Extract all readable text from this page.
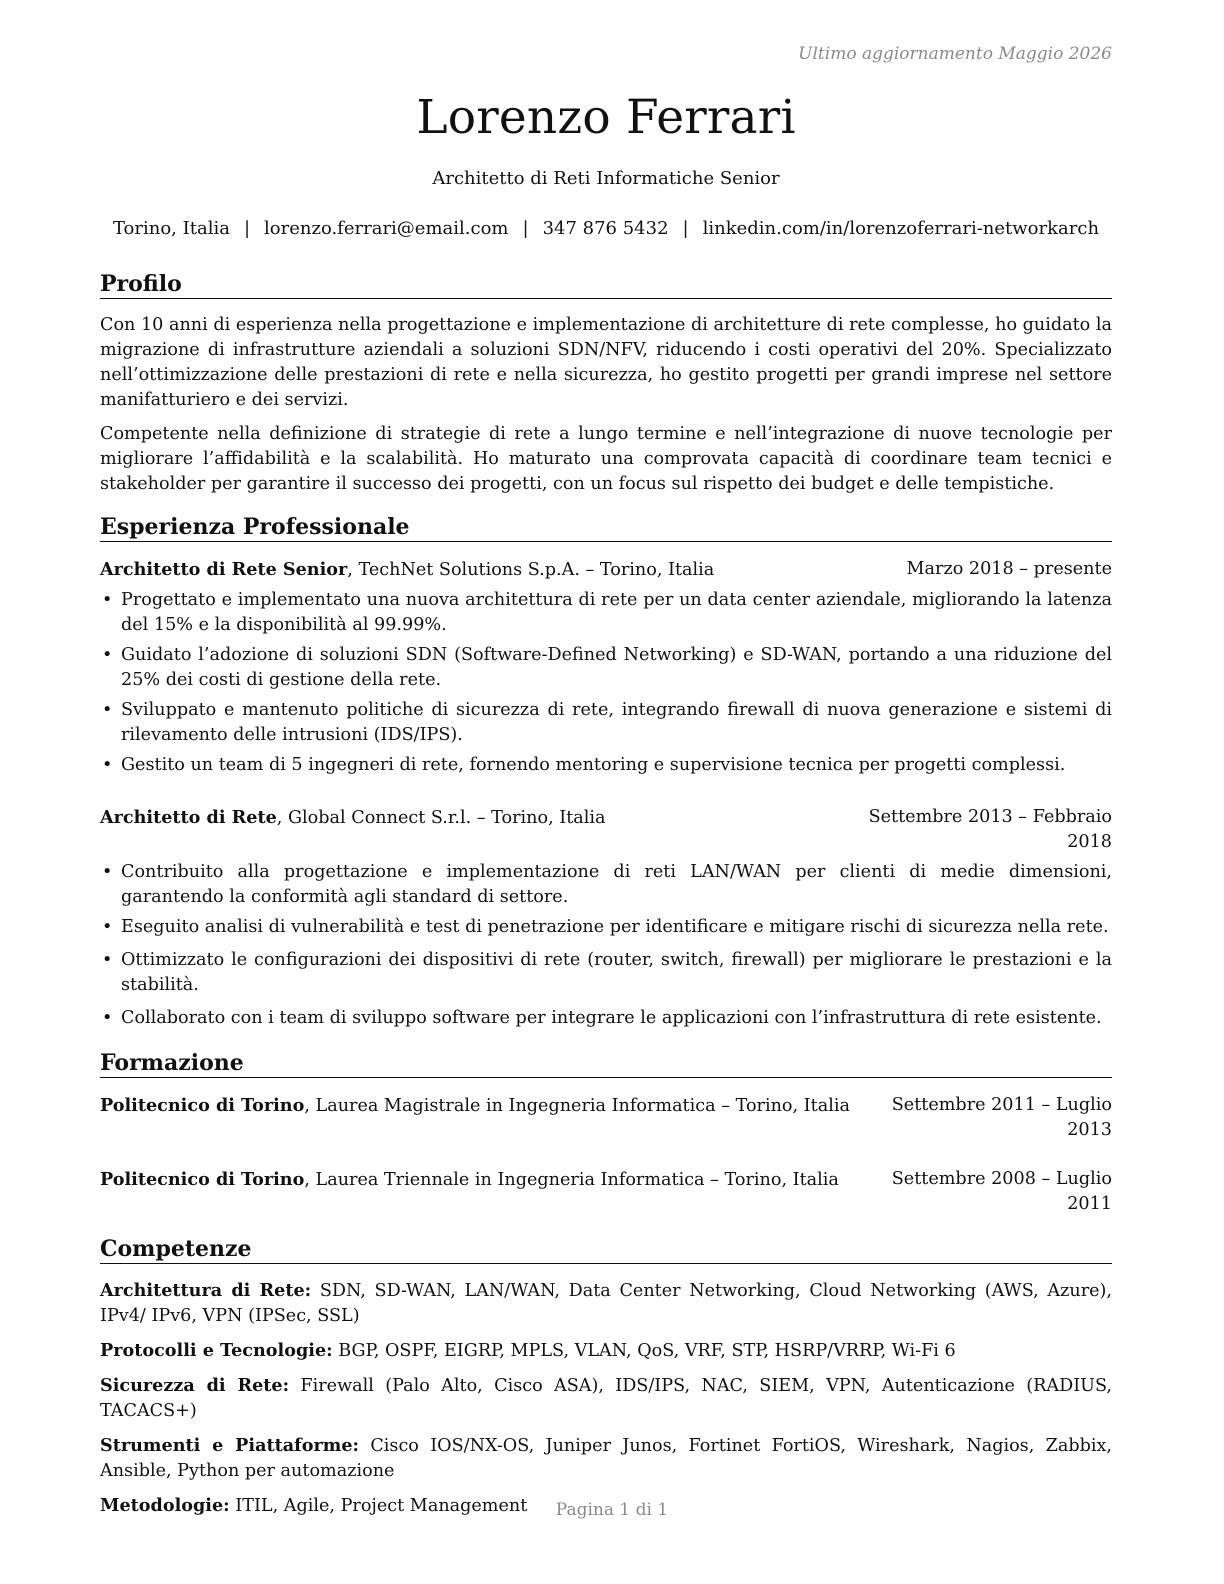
Ultimo aggiornamento Maggio 2026
Lorenzo Ferrari
Architetto di Reti Informatiche Senior
Torino, Italia | lorenzo.ferrari@email.com | 347 876 5432 | linkedin.com/in/lorenzoferrari-networkarch
Profilo

Con 10 anni di esperienza nella progettazione e implementazione di architetture di rete complesse, ho guidato la migrazione di infrastrutture aziendali a soluzioni SDN/NFV, riducendo i costi operativi del 20%. Specializzato nell’ottimizzazione delle prestazioni di rete e nella sicurezza, ho gestito progetti per grandi imprese nel settore manifatturiero e dei servizi.

Competente nella definizione di strategie di rete a lungo termine e nell’integrazione di nuove tecnologie per migliorare l’affidabilità e la scalabilità. Ho maturato una comprovata capacità di coordinare team tecnici e stakeholder per garantire il successo dei progetti, con un focus sul rispetto dei budget e delle tempistiche.

Esperienza Professionale
Architetto di Rete Senior, TechNet Solutions S.p.A. – Torino, Italia	Marzo 2018 – presente
• Progettato e implementato una nuova architettura di rete per un data center aziendale, migliorando la latenza del 15% e la disponibilità al 99.99%.
• Guidato l’adozione di soluzioni SDN (Software-Defined Networking) e SD-WAN, portando a una riduzione del 25% dei costi di gestione della rete.
• Sviluppato e mantenuto politiche di sicurezza di rete, integrando firewall di nuova generazione e sistemi di rilevamento delle intrusioni (IDS/IPS).
• Gestito un team di 5 ingegneri di rete, fornendo mentoring e supervisione tecnica per progetti complessi.
Architetto di Rete, Global Connect S.r.l. – Torino, Italia	Settembre 2013 – Febbraio
2018
• Contribuito alla progettazione e implementazione di reti LAN/WAN per clienti di medie dimensioni, garantendo la conformità agli standard di settore.
• Eseguito analisi di vulnerabilità e test di penetrazione per identificare e mitigare rischi di sicurezza nella rete.
• Ottimizzato le configurazioni dei dispositivi di rete (router, switch, firewall) per migliorare le prestazioni e la stabilità.
• Collaborato con i team di sviluppo software per integrare le applicazioni con l’infrastruttura di rete esistente.
Formazione
Politecnico di Torino, Laurea Magistrale in Ingegneria Informatica – Torino, Italia Settembre 2011 – Luglio
2013
Politecnico di Torino, Laurea Triennale in Ingegneria Informatica – Torino, Italia	Settembre 2008 – Luglio
2011
Competenze
Architettura di Rete: SDN, SD-WAN, LAN/WAN, Data Center Networking, Cloud Networking (AWS, Azure), IPv4/ IPv6, VPN (IPSec, SSL)
Protocolli e Tecnologie: BGP, OSPF, EIGRP, MPLS, VLAN, QoS, VRF, STP, HSRP/VRRP, Wi-Fi 6
Sicurezza di Rete: Firewall (Palo Alto, Cisco ASA), IDS/IPS, NAC, SIEM, VPN, Autenticazione (RADIUS, TACACS+)
Strumenti e Piattaforme: Cisco IOS/NX-OS, Juniper Junos, Fortinet FortiOS, Wireshark, Nagios, Zabbix, Ansible, Python per automazione
Metodologie: ITIL, Agile, Project Management	Pagina 1 di 1
